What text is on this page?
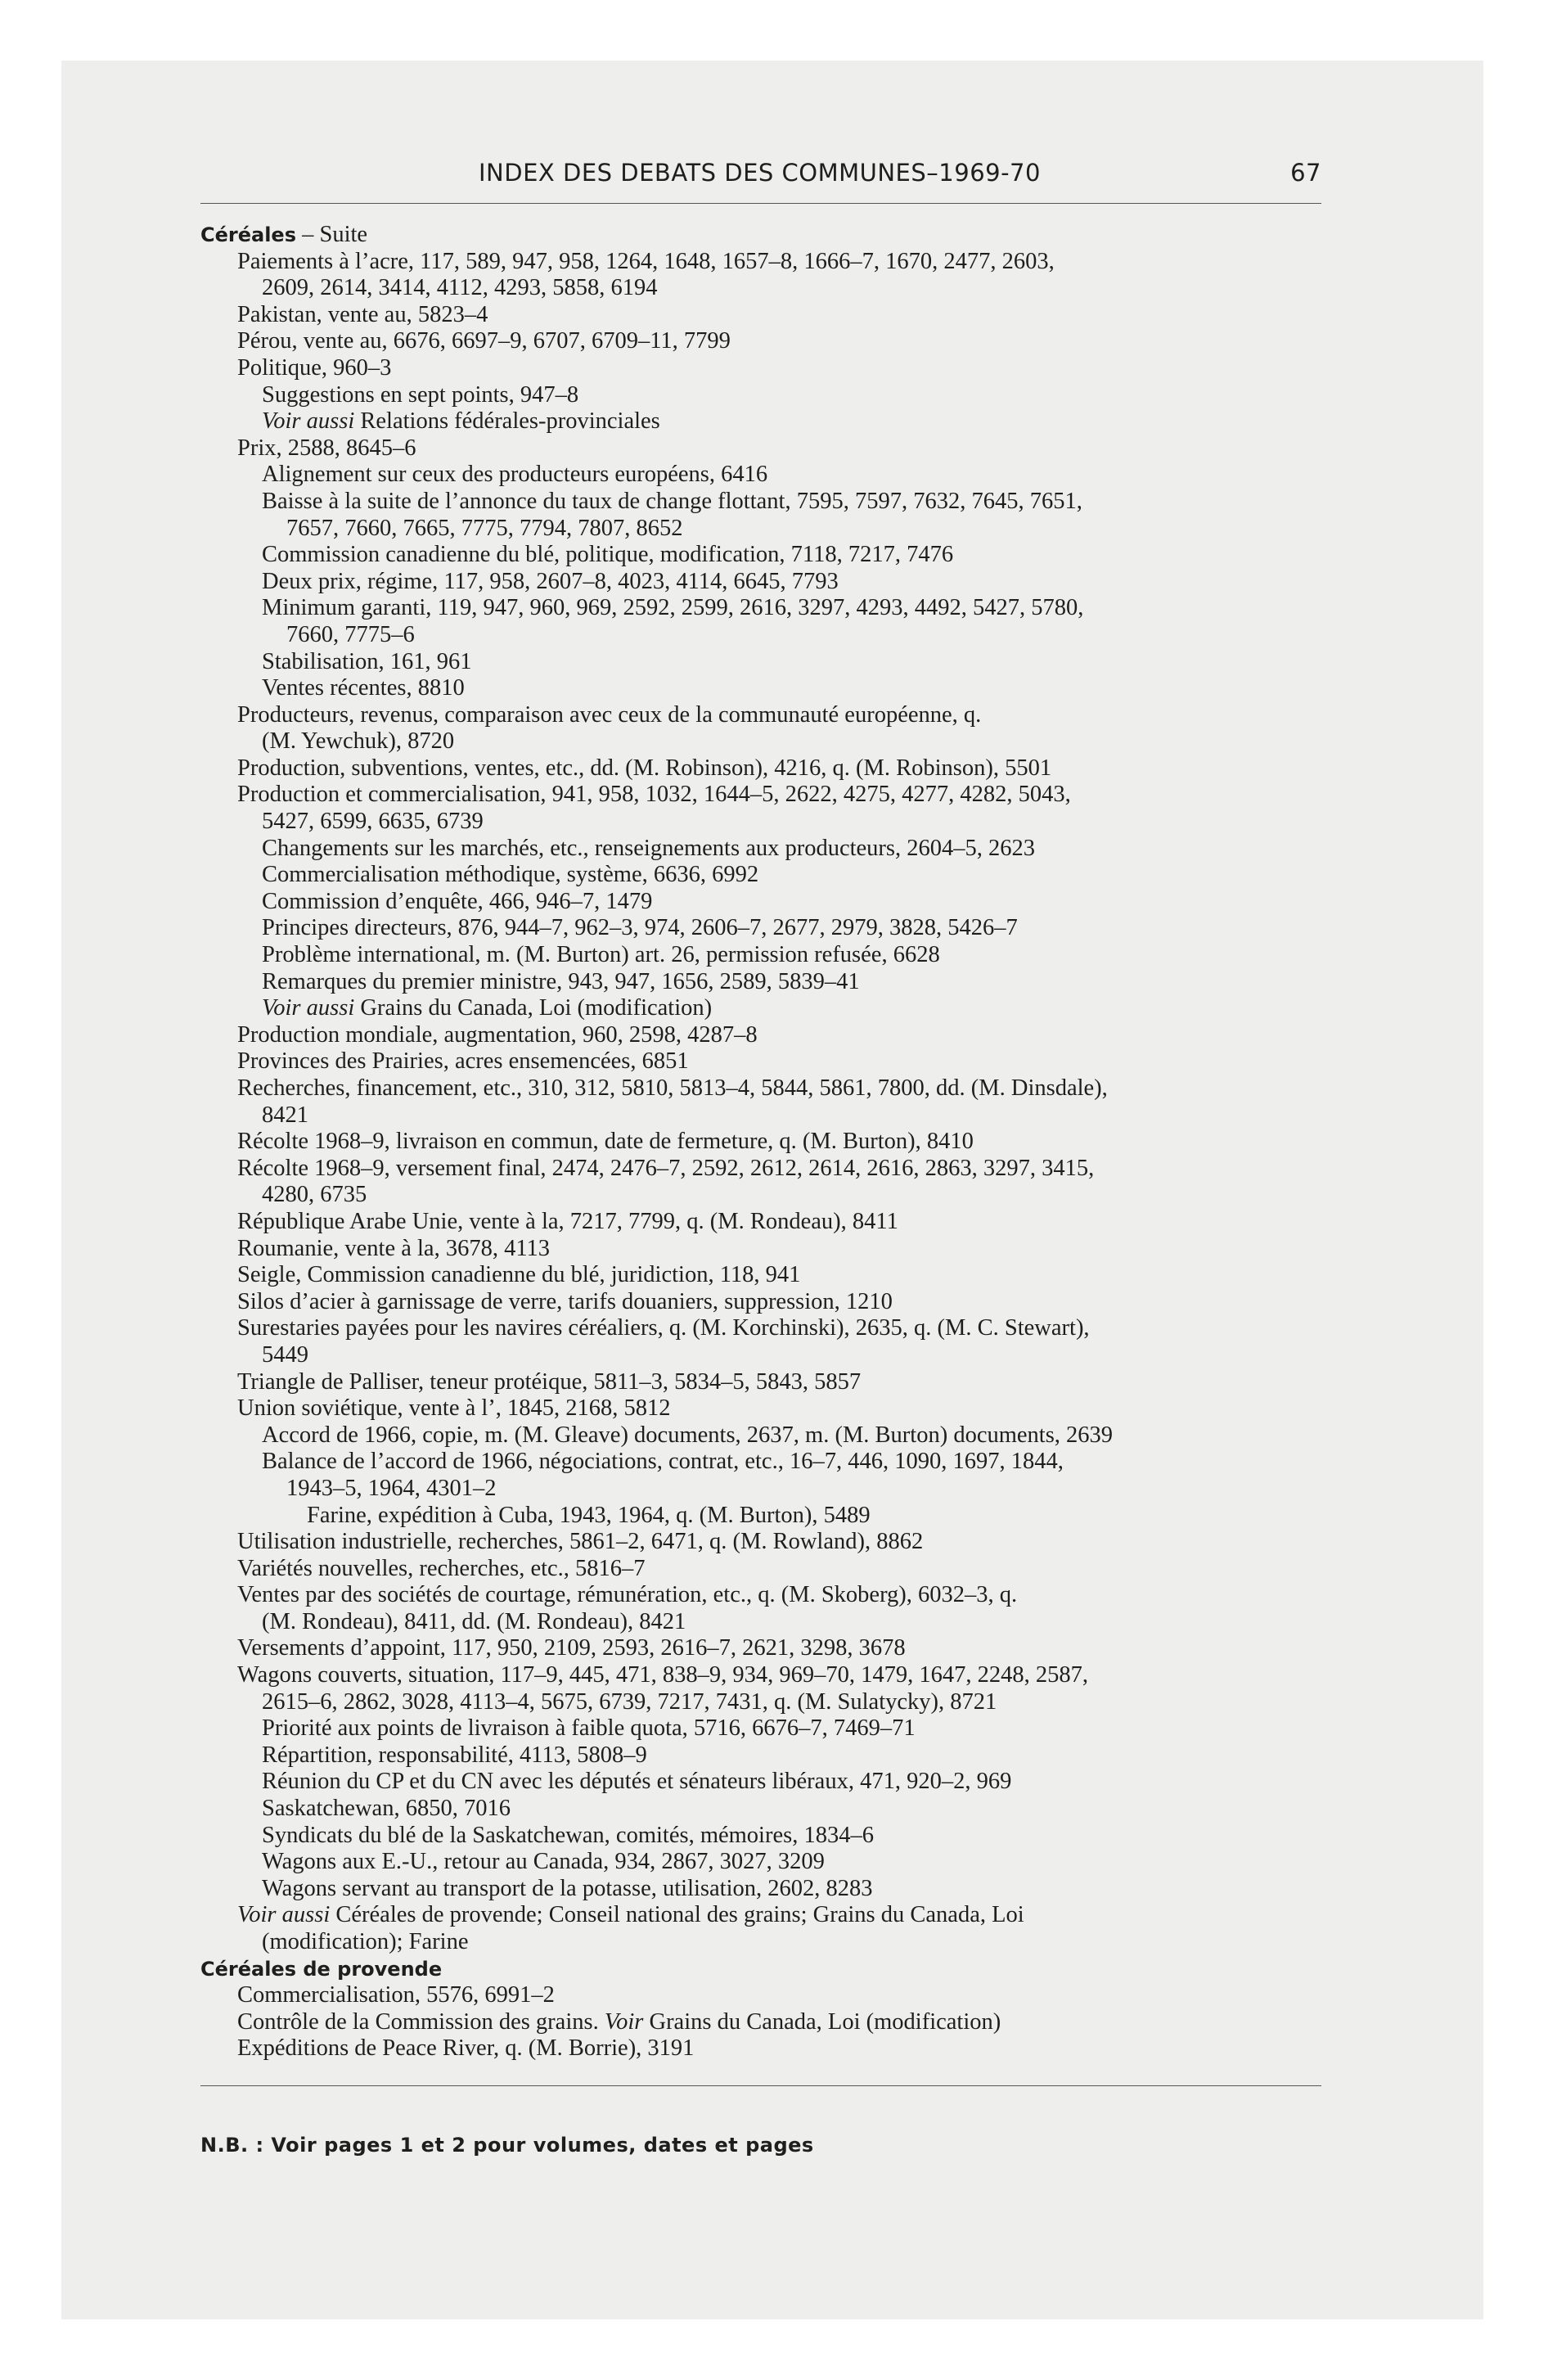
INDEX DES DEBATS DES COMMUNES–1969-70	67
Céréales – Suite
Paiements à l’acre, 117, 589, 947, 958, 1264, 1648, 1657–8, 1666–7, 1670, 2477, 2603,
2609, 2614, 3414, 4112, 4293, 5858, 6194
Pakistan, vente au, 5823–4
Pérou, vente au, 6676, 6697–9, 6707, 6709–11, 7799
Politique, 960–3
Suggestions en sept points, 947–8
Voir aussi Relations fédérales-provinciales
Prix, 2588, 8645–6
Alignement sur ceux des producteurs européens, 6416
Baisse à la suite de l’annonce du taux de change flottant, 7595, 7597, 7632, 7645, 7651,
7657, 7660, 7665, 7775, 7794, 7807, 8652
Commission canadienne du blé, politique, modification, 7118, 7217, 7476
Deux prix, régime, 117, 958, 2607–8, 4023, 4114, 6645, 7793
Minimum garanti, 119, 947, 960, 969, 2592, 2599, 2616, 3297, 4293, 4492, 5427, 5780,
7660, 7775–6
Stabilisation, 161, 961
Ventes récentes, 8810
Producteurs, revenus, comparaison avec ceux de la communauté européenne, q.
(M. Yewchuk), 8720
Production, subventions, ventes, etc., dd. (M. Robinson), 4216, q. (M. Robinson), 5501
Production et commercialisation, 941, 958, 1032, 1644–5, 2622, 4275, 4277, 4282, 5043,
5427, 6599, 6635, 6739
Changements sur les marchés, etc., renseignements aux producteurs, 2604–5, 2623
Commercialisation méthodique, système, 6636, 6992
Commission d’enquête, 466, 946–7, 1479
Principes directeurs, 876, 944–7, 962–3, 974, 2606–7, 2677, 2979, 3828, 5426–7
Problème international, m. (M. Burton) art. 26, permission refusée, 6628
Remarques du premier ministre, 943, 947, 1656, 2589, 5839–41
Voir aussi Grains du Canada, Loi (modification)
Production mondiale, augmentation, 960, 2598, 4287–8
Provinces des Prairies, acres ensemencées, 6851
Recherches, financement, etc., 310, 312, 5810, 5813–4, 5844, 5861, 7800, dd. (M. Dinsdale),
8421
Récolte 1968–9, livraison en commun, date de fermeture, q. (M. Burton), 8410
Récolte 1968–9, versement final, 2474, 2476–7, 2592, 2612, 2614, 2616, 2863, 3297, 3415,
4280, 6735
République Arabe Unie, vente à la, 7217, 7799, q. (M. Rondeau), 8411
Roumanie, vente à la, 3678, 4113
Seigle, Commission canadienne du blé, juridiction, 118, 941
Silos d’acier à garnissage de verre, tarifs douaniers, suppression, 1210
Surestaries payées pour les navires céréaliers, q. (M. Korchinski), 2635, q. (M. C. Stewart),
5449
Triangle de Palliser, teneur protéique, 5811–3, 5834–5, 5843, 5857
Union soviétique, vente à l’, 1845, 2168, 5812
Accord de 1966, copie, m. (M. Gleave) documents, 2637, m. (M. Burton) documents, 2639
Balance de l’accord de 1966, négociations, contrat, etc., 16–7, 446, 1090, 1697, 1844,
1943–5, 1964, 4301–2
Farine, expédition à Cuba, 1943, 1964, q. (M. Burton), 5489
Utilisation industrielle, recherches, 5861–2, 6471, q. (M. Rowland), 8862
Variétés nouvelles, recherches, etc., 5816–7
Ventes par des sociétés de courtage, rémunération, etc., q. (M. Skoberg), 6032–3, q.
(M. Rondeau), 8411, dd. (M. Rondeau), 8421
Versements d’appoint, 117, 950, 2109, 2593, 2616–7, 2621, 3298, 3678
Wagons couverts, situation, 117–9, 445, 471, 838–9, 934, 969–70, 1479, 1647, 2248, 2587,
2615–6, 2862, 3028, 4113–4, 5675, 6739, 7217, 7431, q. (M. Sulatycky), 8721
Priorité aux points de livraison à faible quota, 5716, 6676–7, 7469–71
Répartition, responsabilité, 4113, 5808–9
Réunion du CP et du CN avec les députés et sénateurs libéraux, 471, 920–2, 969
Saskatchewan, 6850, 7016
Syndicats du blé de la Saskatchewan, comités, mémoires, 1834–6
Wagons aux E.-U., retour au Canada, 934, 2867, 3027, 3209
Wagons servant au transport de la potasse, utilisation, 2602, 8283
Voir aussi Céréales de provende; Conseil national des grains; Grains du Canada, Loi
(modification); Farine
Céréales de provende
Commercialisation, 5576, 6991–2
Contrôle de la Commission des grains. Voir Grains du Canada, Loi (modification)
Expéditions de Peace River, q. (M. Borrie), 3191
N.B. : Voir pages 1 et 2 pour volumes, dates et pages
